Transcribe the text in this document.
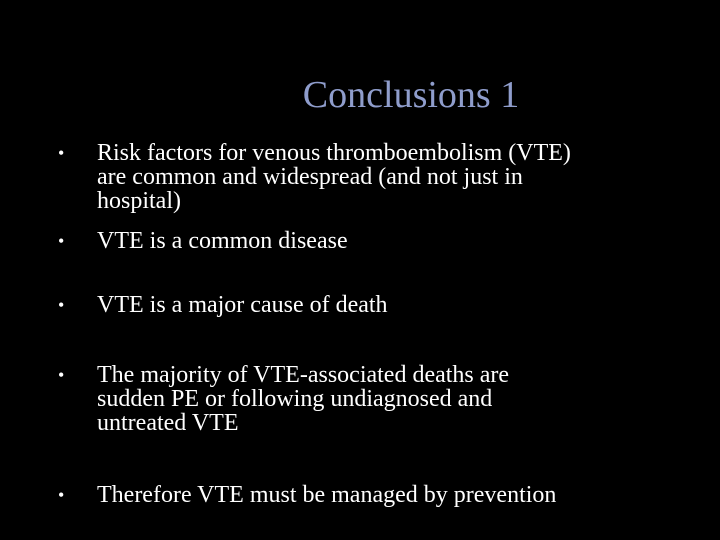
Conclusions 1
•	Risk factors for venous thromboembolism (VTE)
are common and widespread (and not just in
hospital)
•	VTE is a common disease
•	VTE is a major cause of death
•	The majority of VTE-associated deaths are
sudden PE or following undiagnosed and
untreated VTE
•	Therefore VTE must be managed by prevention
